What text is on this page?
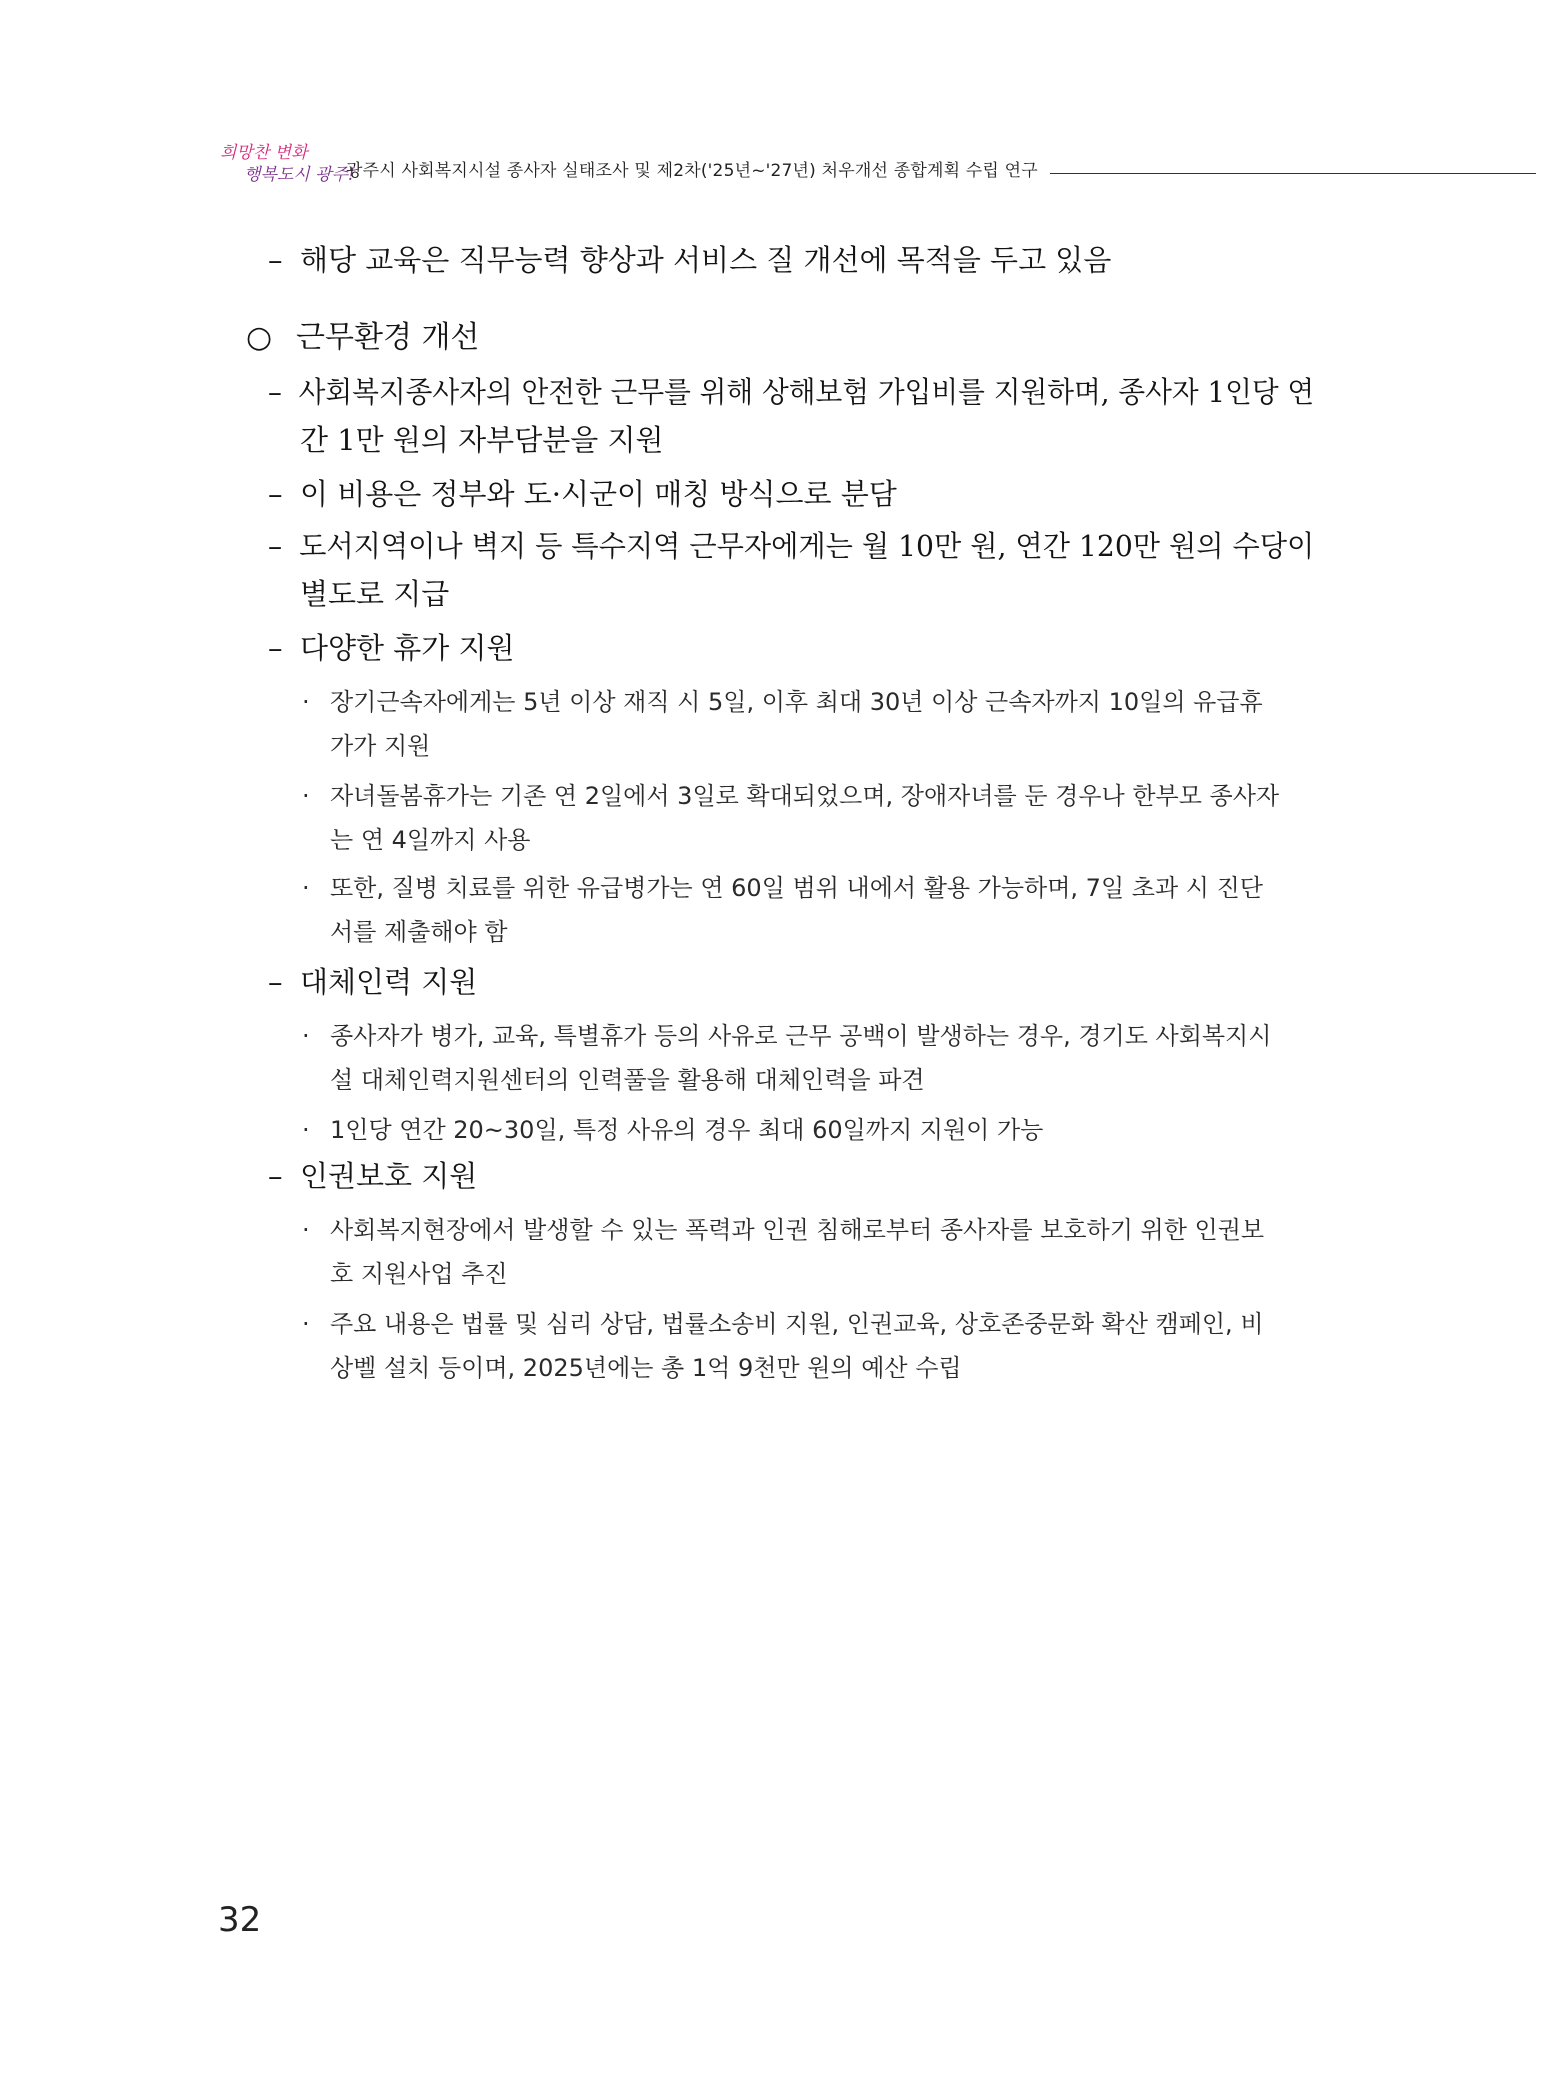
희망찬 변화
행복도시 광주!
광주시 사회복지시설 종사자 실태조사 및 제2차('25년~'27년) 처우개선 종합계획 수립 연구
– 해당 교육은 직무능력 향상과 서비스 질 개선에 목적을 두고 있음
○ 근무환경 개선
– 사회복지종사자의 안전한 근무를 위해 상해보험 가입비를 지원하며, 종사자 1인당 연
간 1만 원의 자부담분을 지원
– 이 비용은 정부와 도·시군이 매칭 방식으로 분담
– 도서지역이나 벽지 등 특수지역 근무자에게는 월 10만 원, 연간 120만 원의 수당이
별도로 지급
– 다양한 휴가 지원
· 장기근속자에게는 5년 이상 재직 시 5일, 이후 최대 30년 이상 근속자까지 10일의 유급휴
가가 지원
· 자녀돌봄휴가는 기존 연 2일에서 3일로 확대되었으며, 장애자녀를 둔 경우나 한부모 종사자
는 연 4일까지 사용
· 또한, 질병 치료를 위한 유급병가는 연 60일 범위 내에서 활용 가능하며, 7일 초과 시 진단
서를 제출해야 함
– 대체인력 지원
· 종사자가 병가, 교육, 특별휴가 등의 사유로 근무 공백이 발생하는 경우, 경기도 사회복지시
설 대체인력지원센터의 인력풀을 활용해 대체인력을 파견
· 1인당 연간 20~30일, 특정 사유의 경우 최대 60일까지 지원이 가능
– 인권보호 지원
· 사회복지현장에서 발생할 수 있는 폭력과 인권 침해로부터 종사자를 보호하기 위한 인권보
호 지원사업 추진
· 주요 내용은 법률 및 심리 상담, 법률소송비 지원, 인권교육, 상호존중문화 확산 캠페인, 비
상벨 설치 등이며, 2025년에는 총 1억 9천만 원의 예산 수립
32
